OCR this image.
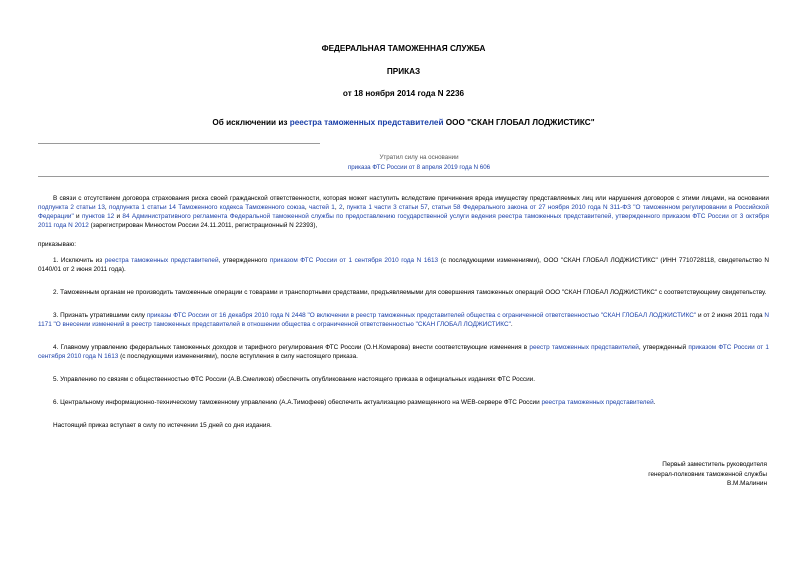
ФЕДЕРАЛЬНАЯ ТАМОЖЕННАЯ СЛУЖБА
ПРИКАЗ
от 18 ноября 2014 года N 2236
Об исключении из реестра таможенных представителей ООО "СКАН ГЛОБАЛ ЛОДЖИСТИКС"
Утратил силу на основании
приказа ФТС России от 8 апреля 2019 года N 606

В связи с отсутствием договора страхования риска своей гражданской ответственности, которая может наступить вследствие причинения вреда имуществу представляемых лиц или нарушения договоров с этими лицами, на основании подпункта 2 статьи 13, подпункта 1 статьи 14 Таможенного кодекса Таможенного союза, частей 1, 2, пункта 1 части 3 статьи 57, статьи 58 Федерального закона от 27 ноября 2010 года N 311-ФЗ "О таможенном регулировании в Российской Федерации" и пунктов 12 и 84 Административного регламента Федеральной таможенной службы по предоставлению государственной услуги ведения реестра таможенных представителей, утвержденного приказом ФТС России от 3 октября 2011 года N 2012 (зарегистрирован Минюстом России 24.11.2011, регистрационный N 22393),

приказываю:

1. Исключить из реестра таможенных представителей, утвержденного приказом ФТС России от 1 сентября 2010 года N 1613 (с последующими изменениями), ООО "СКАН ГЛОБАЛ ЛОДЖИСТИКС" (ИНН 7710728118, свидетельство N 0140/01 от 2 июня 2011 года).

2. Таможенным органам не производить таможенные операции с товарами и транспортными средствами, предъявляемыми для совершения таможенных операций ООО "СКАН ГЛОБАЛ ЛОДЖИСТИКС" с соответствующему свидетельству.

3. Признать утратившими силу приказы ФТС России от 16 декабря 2010 года N 2448 "О включении в реестр таможенных представителей общества с ограниченной ответственностью "СКАН ГЛОБАЛ ЛОДЖИСТИКС" и от 2 июня 2011 года N 1171 "О внесении изменений в реестр таможенных представителей в отношении общества с ограниченной ответственностью "СКАН ГЛОБАЛ ЛОДЖИСТИКС".

4. Главному управлению федеральных таможенных доходов и тарифного регулирования ФТС России (О.Н.Комарова) внести соответствующие изменения в реестр таможенных представителей, утвержденный приказом ФТС России от 1 сентября 2010 года N 1613 (с последующими изменениями), после вступления в силу настоящего приказа.

5. Управлению по связям с общественностью ФТС России (А.В.Смеликов) обеспечить опубликование настоящего приказа в официальных изданиях ФТС России.

6. Центральному информационно-техническому таможенному управлению (А.А.Тимофеев) обеспечить актуализацию размещенного на WEB-сервере ФТС России реестра таможенных представителей.

Настоящий приказ вступает в силу по истечении 15 дней со дня издания.

Первый заместитель руководителя
генерал-полковник таможенной службы
В.М.Малинин
